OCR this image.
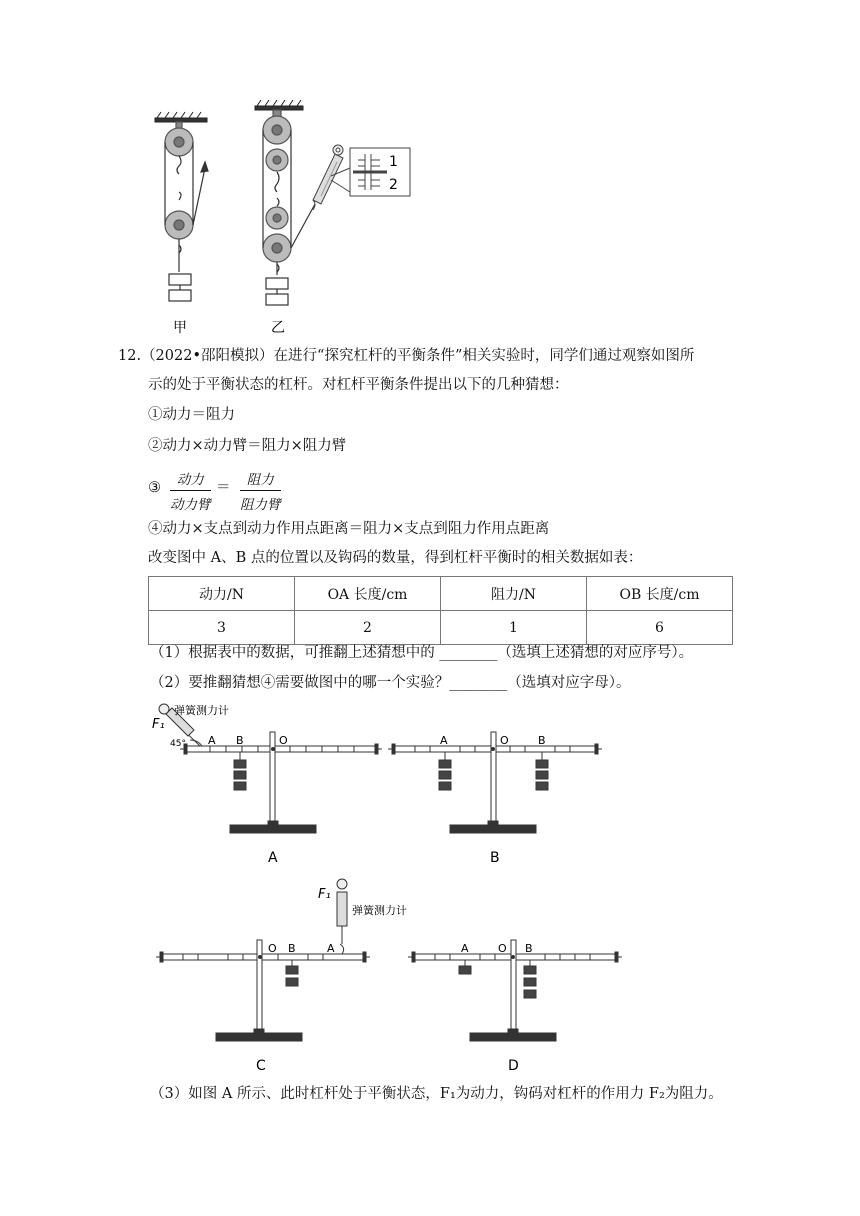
甲	乙
1
2
12.（2022•邵阳模拟）在进行“探究杠杆的平衡条件”相关实验时，同学们通过观察如图所
示的处于平衡状态的杠杆。对杠杆平衡条件提出以下的几种猜想：
①动力＝阻力
②动力×动力臂＝阻力×阻力臂
③ 动力
动力臂
＝ 阻力
阻力臂
④动力×支点到动力作用点距离＝阻力×支点到阻力作用点距离
改变图中 A、B 点的位置以及钩码的数量，得到杠杆平衡时的相关数据如表：
动力/N	OA 长度/cm	阻力/N	OB 长度/cm
3	2	1	6
（1）根据表中的数据，可推翻上述猜想中的 ________（选填上述猜想的对应序号）。
（2）要推翻猜想④需要做图中的哪一个实验？________（选填对应字母）。
弹簧测力计
F₁
45° A B	O
A
A	O	B
B
F₁
弹簧测力计
O B	A
C
A	O B
D
（3）如图 A 所示、此时杠杆处于平衡状态，F₁为动力，钩码对杠杆的作用力 F₂为阻力。
